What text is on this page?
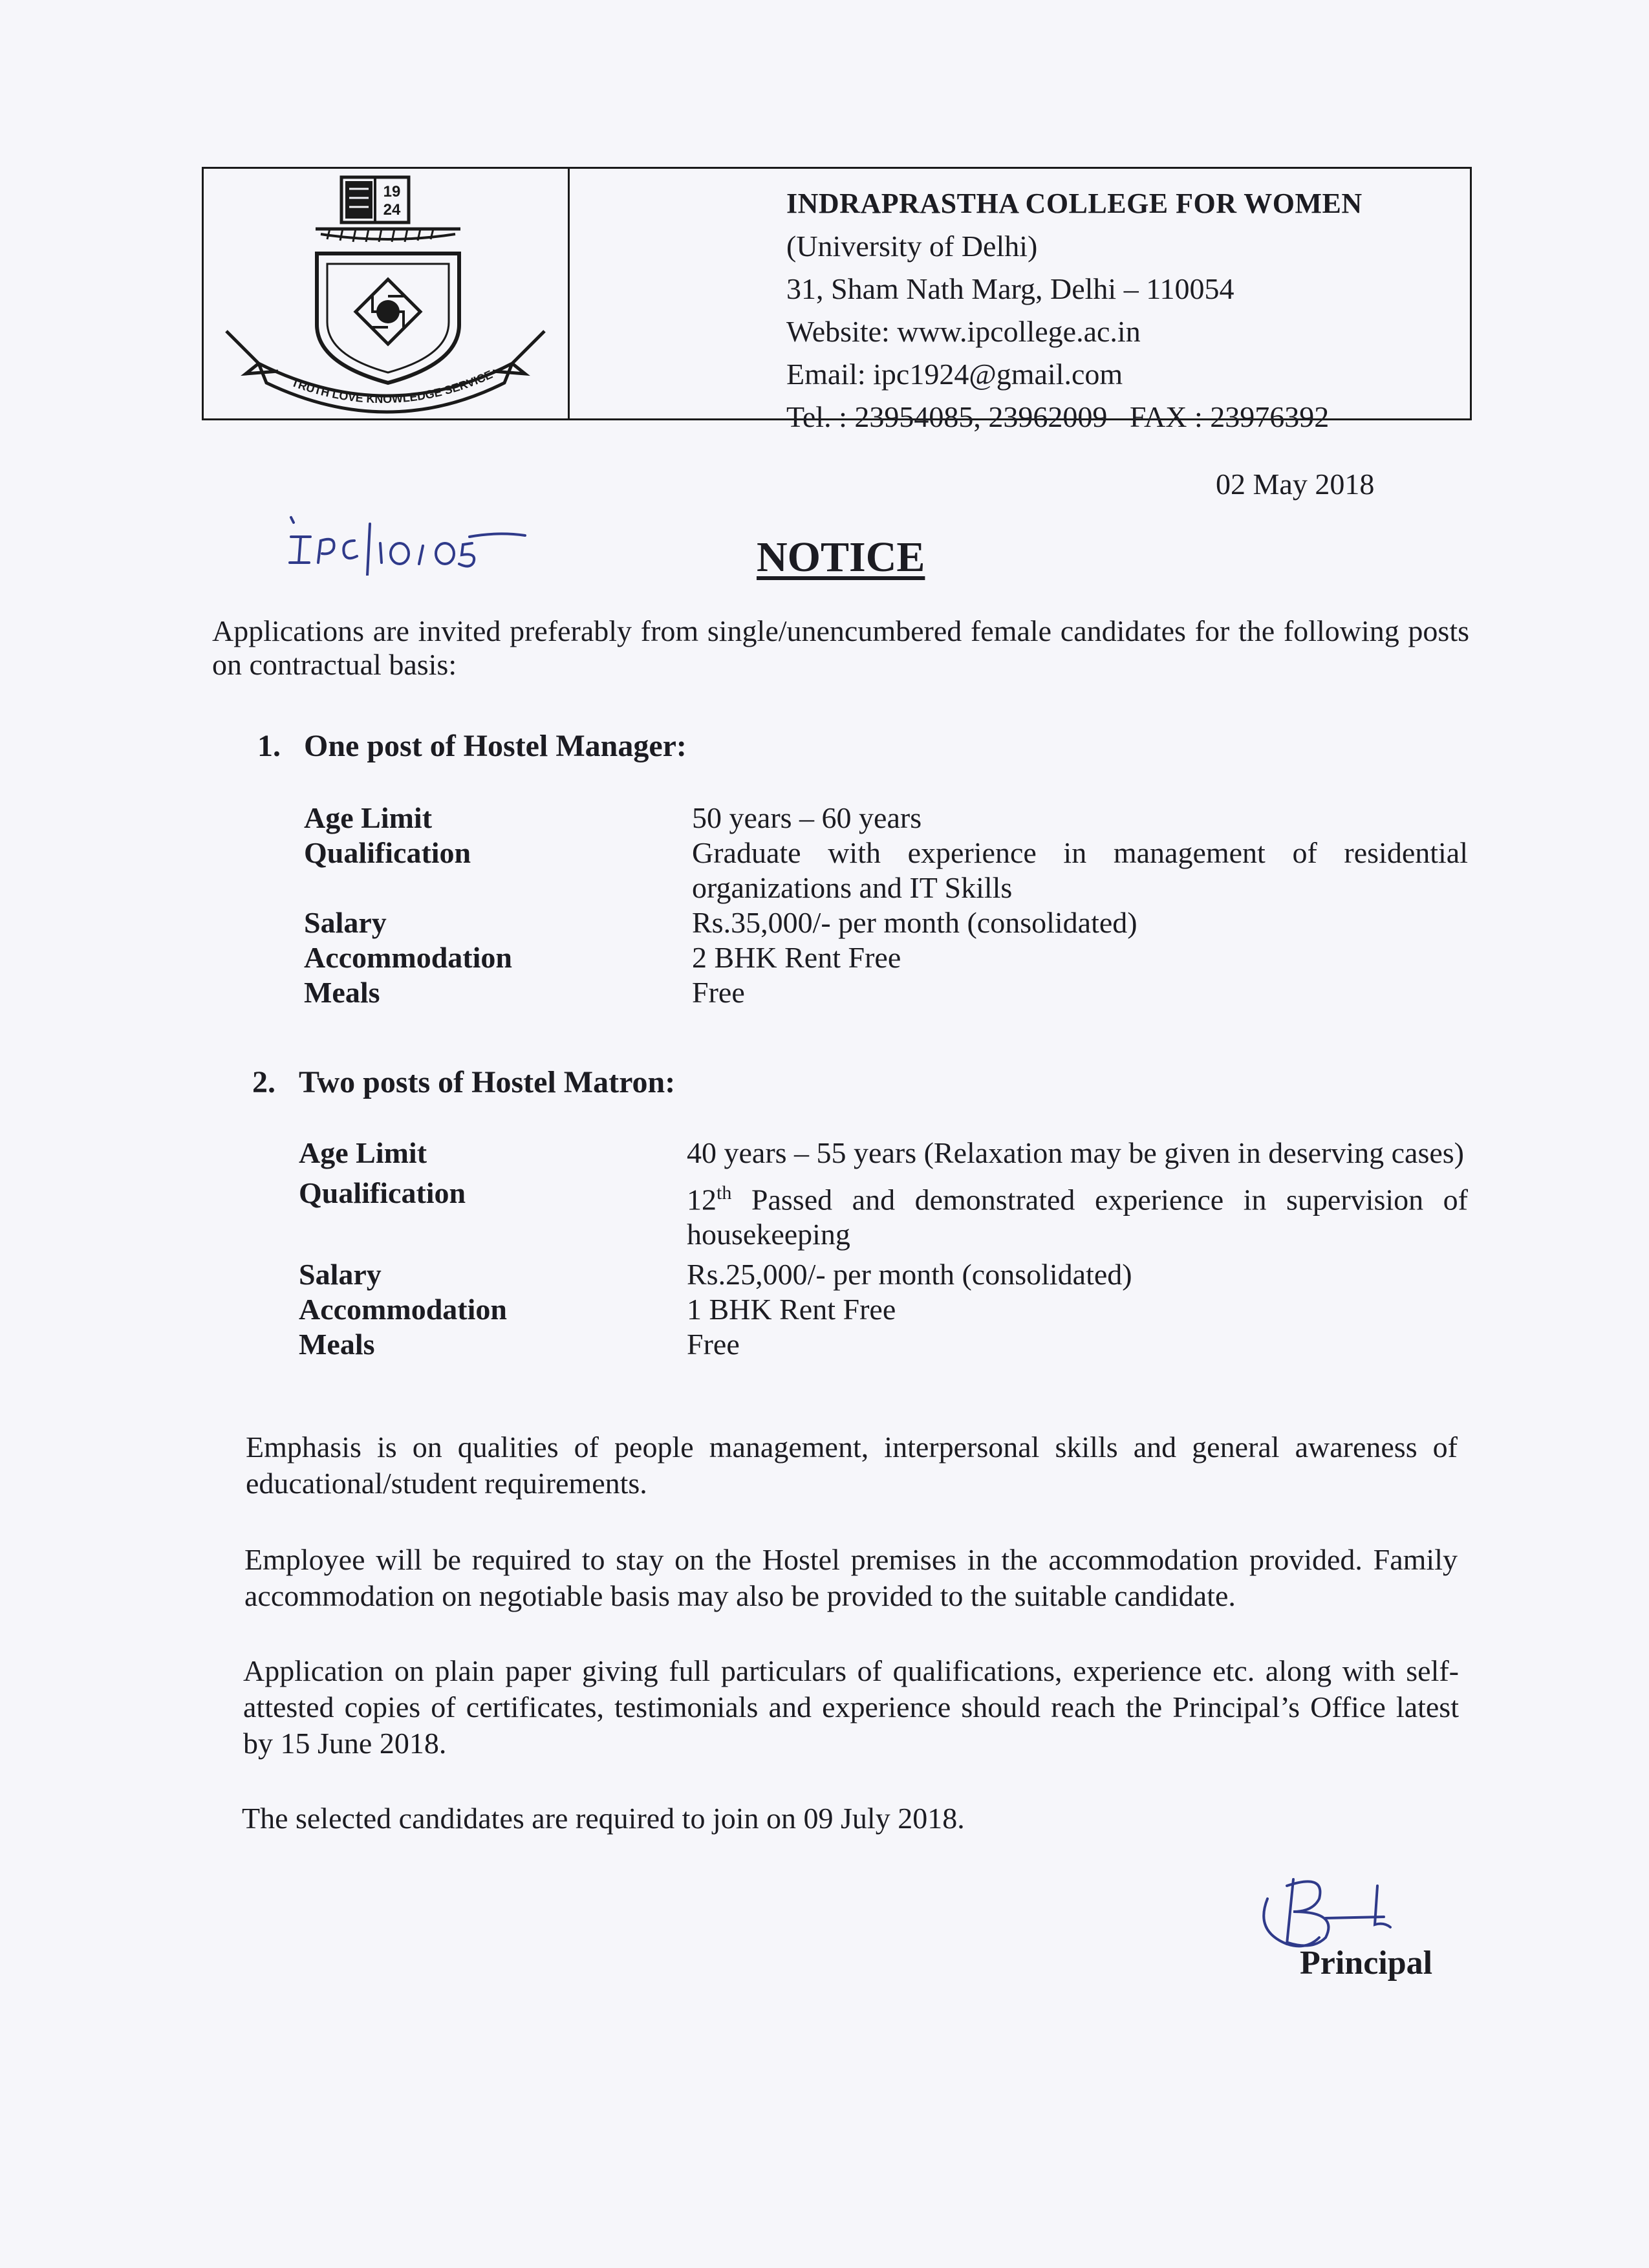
19
24
TRUTH LOVE KNOWLEDGE SERVICE
INDRAPRASTHA COLLEGE FOR WOMEN
(University of Delhi)
31, Sham Nath Marg, Delhi – 110054
Website: www.ipcollege.ac.in
Email: ipc1924@gmail.com
Tel. : 23954085, 23962009   FAX : 23976392
02 May 2018
NOTICE
Applications are invited preferably from single/unencumbered female candidates for the following posts on contractual basis:
1. One post of Hostel Manager:
Age Limit	50 years – 60 years
Qualification	Graduate with experience in management of residential organizations and IT Skills
Salary	Rs.35,000/- per month (consolidated)
Accommodation	2 BHK Rent Free
Meals	Free
2. Two posts of Hostel Matron:
Age Limit	40 years – 55 years (Relaxation may be given in deserving cases)
Qualification	12th Passed and demonstrated experience in supervision of housekeeping
Salary	Rs.25,000/- per month (consolidated)
Accommodation	1 BHK Rent Free
Meals	Free
Emphasis is on qualities of people management, interpersonal skills and general awareness of educational/student requirements.
Employee will be required to stay on the Hostel premises in the accommodation provided. Family accommodation on negotiable basis may also be provided to the suitable candidate.
Application on plain paper giving full particulars of qualifications, experience etc. along with self-attested copies of certificates, testimonials and experience should reach the Principal’s Office latest by 15 June 2018.
The selected candidates are required to join on 09 July 2018.
Principal
